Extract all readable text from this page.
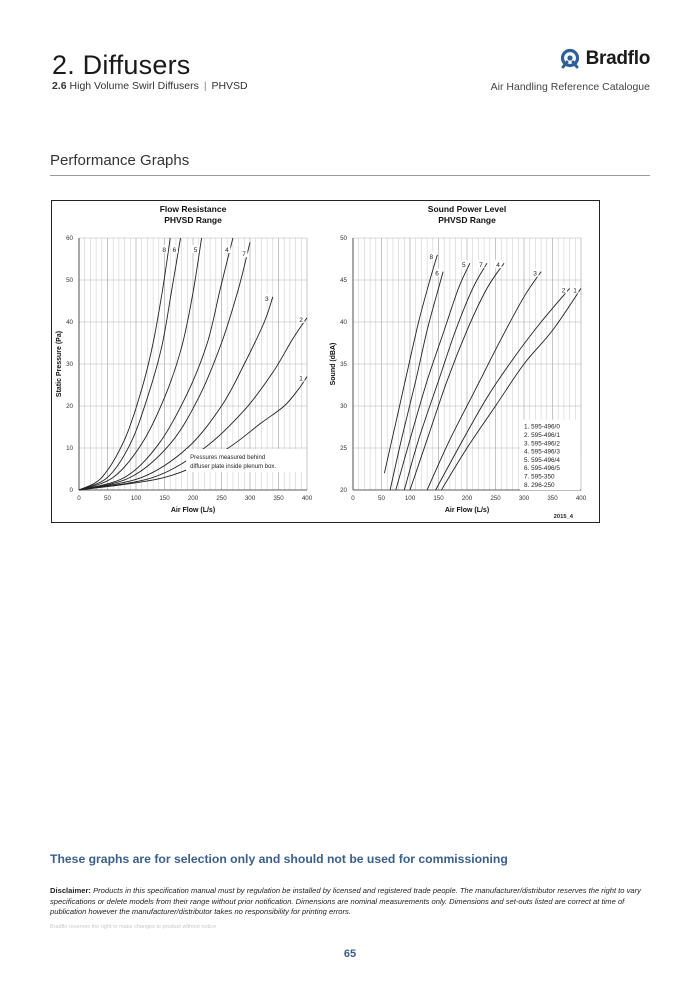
2. Diffusers
2.6 High Volume Swirl Diffusers | PHVSD
Bradflo
Air Handling Reference Catalogue
Performance Graphs
Flow Resistance
PHVSD Range
0	50	100	150	200	250	300	350	400
0
10
20
30
40
50
60
Air Flow (L/s)
Static Pressure (Pa)
8 6	5	4
7
3
2
1
Pressures measured behind
diffuser plate inside plenum box.
Sound Power Level
PHVSD Range
0	50	100	150	200	250	300	350	400
20
25
30
35
40
45
50
Air Flow (L/s)
Sound (dBA)
8
6
5 7 4
3
2 1
1. 595-496/0
2. 595-496/1
3. 595-496/2
4. 595-496/3
5. 595-496/4
6. 595-496/5
7. 595-350
8. 296-250
2015_4
These graphs are for selection only and should not be used for commissioning
Disclaimer: Products in this specification manual must by regulation be installed by licensed and registered trade people. The manufacturer/distributor reserves the right to vary specifications or delete models from their range without prior notification. Dimensions are nominal measurements only. Dimensions and set-outs listed are correct at time of publication however the manufacturer/distributor takes no responsibility for printing errors.
Bradflo reserves the right to make changes to product without notice
65
